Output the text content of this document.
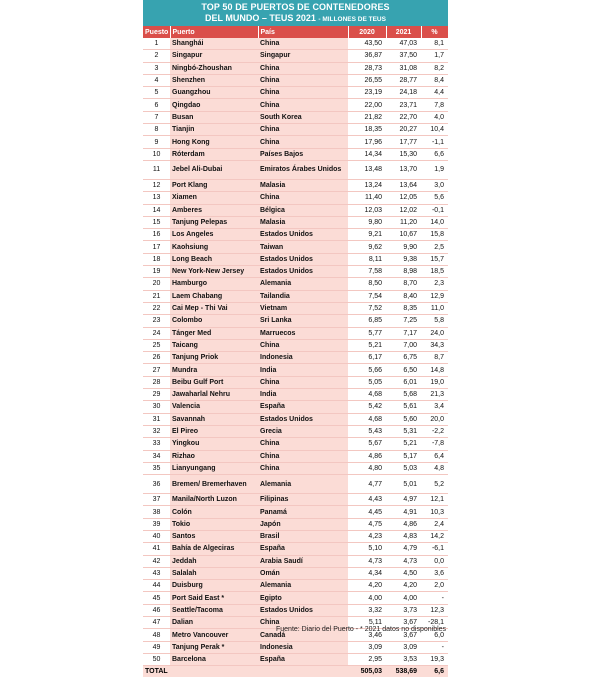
TOP 50 DE PUERTOS DE CONTENEDORES
DEL MUNDO – TEUS 2021 - MILLONES DE TEUS
Puesto	Puerto	País	2020	2021	%
1	Shanghái	China	43,50	47,03	8,1
2	Singapur	Singapur	36,87	37,50	1,7
3	Ningbó-Zhoushan	China	28,73	31,08	8,2
4	Shenzhen	China	26,55	28,77	8,4
5	Guangzhou	China	23,19	24,18	4,4
6	Qingdao	China	22,00	23,71	7,8
7	Busan	South Korea	21,82	22,70	4,0
8	Tianjin	China	18,35	20,27	10,4
9	Hong Kong	China	17,96	17,77	-1,1
10	Róterdam	Países Bajos	14,34	15,30	6,6
11	Jebel Ali-Dubai	Emiratos Árabes Unidos	13,48	13,70	1,9
12	Port Klang	Malasia	13,24	13,64	3,0
13	Xiamen	China	11,40	12,05	5,6
14	Amberes	Bélgica	12,03	12,02	-0,1
15	Tanjung Pelepas	Malasia	9,80	11,20	14,0
16	Los Angeles	Estados Unidos	9,21	10,67	15,8
17	Kaohsiung	Taiwan	9,62	9,90	2,5
18	Long Beach	Estados Unidos	8,11	9,38	15,7
19	New York-New Jersey	Estados Unidos	7,58	8,98	18,5
20	Hamburgo	Alemania	8,50	8,70	2,3
21	Laem Chabang	Tailandia	7,54	8,40	12,9
22	Cai Mep - Thi Vai	Vietnam	7,52	8,35	11,0
23	Colombo	Sri Lanka	6,85	7,25	5,8
24	Tánger Med	Marruecos	5,77	7,17	24,0
25	Taicang	China	5,21	7,00	34,3
26	Tanjung Priok	Indonesia	6,17	6,75	8,7
27	Mundra	India	5,66	6,50	14,8
28	Beibu Gulf Port	China	5,05	6,01	19,0
29	Jawaharlal Nehru	India	4,68	5,68	21,3
30	Valencia	España	5,42	5,61	3,4
31	Savannah	Estados Unidos	4,68	5,60	20,0
32	El Pireo	Grecia	5,43	5,31	-2,2
33	Yingkou	China	5,67	5,21	-7,8
34	Rizhao	China	4,86	5,17	6,4
35	Lianyungang	China	4,80	5,03	4,8
36	Bremen/ Bremerhaven	Alemania	4,77	5,01	5,2
37	Manila/North Luzon	Filipinas	4,43	4,97	12,1
38	Colón	Panamá	4,45	4,91	10,3
39	Tokio	Japón	4,75	4,86	2,4
40	Santos	Brasil	4,23	4,83	14,2
41	Bahía de Algeciras	España	5,10	4,79	-6,1
42	Jeddah	Arabia Saudí	4,73	4,73	0,0
43	Salalah	Omán	4,34	4,50	3,6
44	Duisburg	Alemania	4,20	4,20	2,0
45	Port Said East *	Egipto	4,00	4,00	-
46	Seattle/Tacoma	Estados Unidos	3,32	3,73	12,3
47	Dalian	China	5,11	3,67	-28,1
48	Metro Vancouver	Canadá	3,46	3,67	6,0
49	Tanjung Perak *	Indonesia	3,09	3,09	-
50	Barcelona	España	2,95	3,53	19,3
TOTAL			505,03	538,69	6,6
Fuente: Diario del Puerto - * 2021 datos no disponibles
